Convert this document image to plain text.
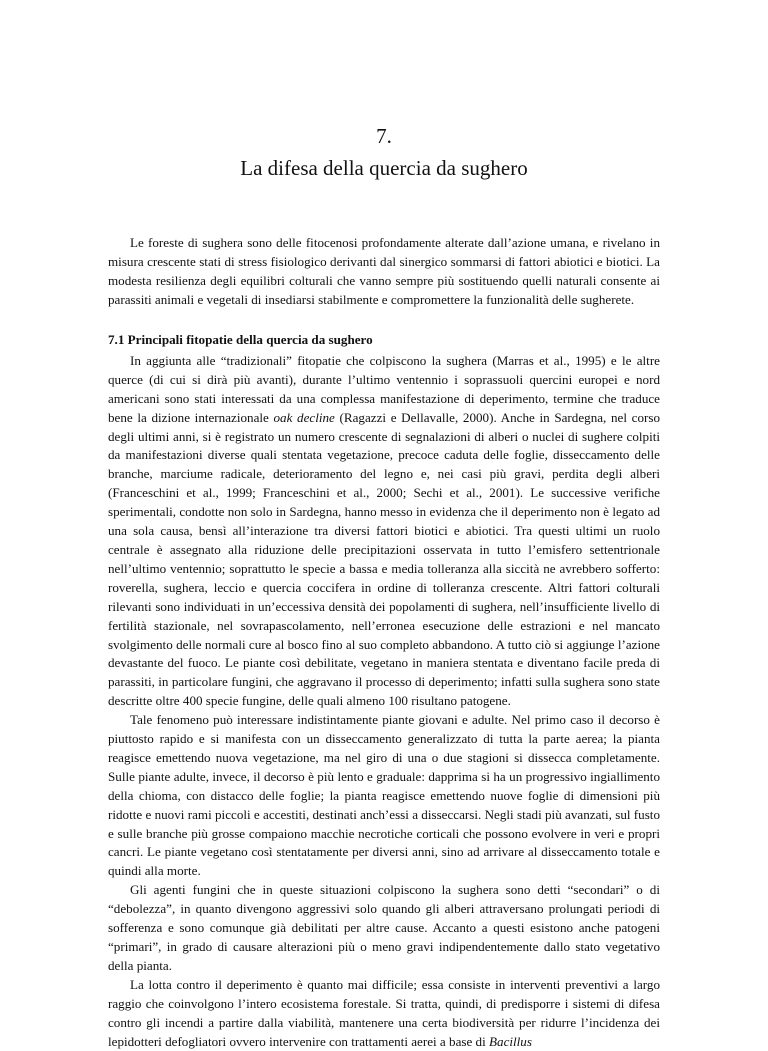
7.
La difesa della quercia da sughero

Le foreste di sughera sono delle fitocenosi profondamente alterate dall’azione umana, e rivelano in misura crescente stati di stress fisiologico derivanti dal sinergico sommarsi di fattori abiotici e biotici. La modesta resilienza degli equilibri colturali che vanno sempre più sostituendo quelli naturali consente ai parassiti animali e vegetali di insediarsi stabilmente e compromettere la funzionalità delle sugherete.

7.1 Principali fitopatie della quercia da sughero

In aggiunta alle “tradizionali” fitopatie che colpiscono la sughera (Marras et al., 1995) e le altre querce (di cui si dirà più avanti), durante l’ultimo ventennio i soprassuoli quercini europei e nord americani sono stati interessati da una complessa manifestazione di deperimento, termine che traduce bene la dizione internazionale oak decline (Ragazzi e Dellavalle, 2000). Anche in Sardegna, nel corso degli ultimi anni, si è registrato un numero crescente di segnalazioni di alberi o nuclei di sughere colpiti da manifestazioni diverse quali stentata vegetazione, precoce caduta delle foglie, disseccamento delle branche, marciume radicale, deterioramento del legno e, nei casi più gravi, perdita degli alberi (Franceschini et al., 1999; Franceschini et al., 2000; Sechi et al., 2001). Le successive verifiche sperimentali, condotte non solo in Sardegna, hanno messo in evidenza che il deperimento non è legato ad una sola causa, bensì all’interazione tra diversi fattori biotici e abiotici. Tra questi ultimi un ruolo centrale è assegnato alla riduzione delle precipitazioni osservata in tutto l’emisfero settentrionale nell’ultimo ventennio; soprattutto le specie a bassa e media tolleranza alla siccità ne avrebbero sofferto: roverella, sughera, leccio e quercia coccifera in ordine di tolleranza crescente. Altri fattori colturali rilevanti sono individuati in un’eccessiva densità dei popolamenti di sughera, nell’insufficiente livello di fertilità stazionale, nel sovrapascolamento, nell’erronea esecuzione delle estrazioni e nel mancato svolgimento delle normali cure al bosco fino al suo completo abbandono. A tutto ciò si aggiunge l’azione devastante del fuoco. Le piante così debilitate, vegetano in maniera stentata e diventano facile preda di parassiti, in particolare fungini, che aggravano il processo di deperimento; infatti sulla sughera sono state descritte oltre 400 specie fungine, delle quali almeno 100 risultano patogene.

Tale fenomeno può interessare indistintamente piante giovani e adulte. Nel primo caso il decorso è piuttosto rapido e si manifesta con un disseccamento generalizzato di tutta la parte aerea; la pianta reagisce emettendo nuova vegetazione, ma nel giro di una o due stagioni si dissecca completamente. Sulle piante adulte, invece, il decorso è più lento e graduale: dapprima si ha un progressivo ingiallimento della chioma, con distacco delle foglie; la pianta reagisce emettendo nuove foglie di dimensioni più ridotte e nuovi rami piccoli e accestiti, destinati anch’essi a disseccarsi. Negli stadi più avanzati, sul fusto e sulle branche più grosse compaiono macchie necrotiche corticali che possono evolvere in veri e propri cancri. Le piante vegetano così stentatamente per diversi anni, sino ad arrivare al disseccamento totale e quindi alla morte.

Gli agenti fungini che in queste situazioni colpiscono la sughera sono detti “secondari” o di “debolezza”, in quanto divengono aggressivi solo quando gli alberi attraversano prolungati periodi di sofferenza e sono comunque già debilitati per altre cause. Accanto a questi esistono anche patogeni “primari”, in grado di causare alterazioni più o meno gravi indipendentemente dallo stato vegetativo della pianta.

La lotta contro il deperimento è quanto mai difficile; essa consiste in interventi preventivi a largo raggio che coinvolgono l’intero ecosistema forestale. Si tratta, quindi, di predisporre i sistemi di difesa contro gli incendi a partire dalla viabilità, mantenere una certa biodiversità per ridurre l’incidenza dei lepidotteri defogliatori ovvero intervenire con trattamenti aerei a base di Bacillus
